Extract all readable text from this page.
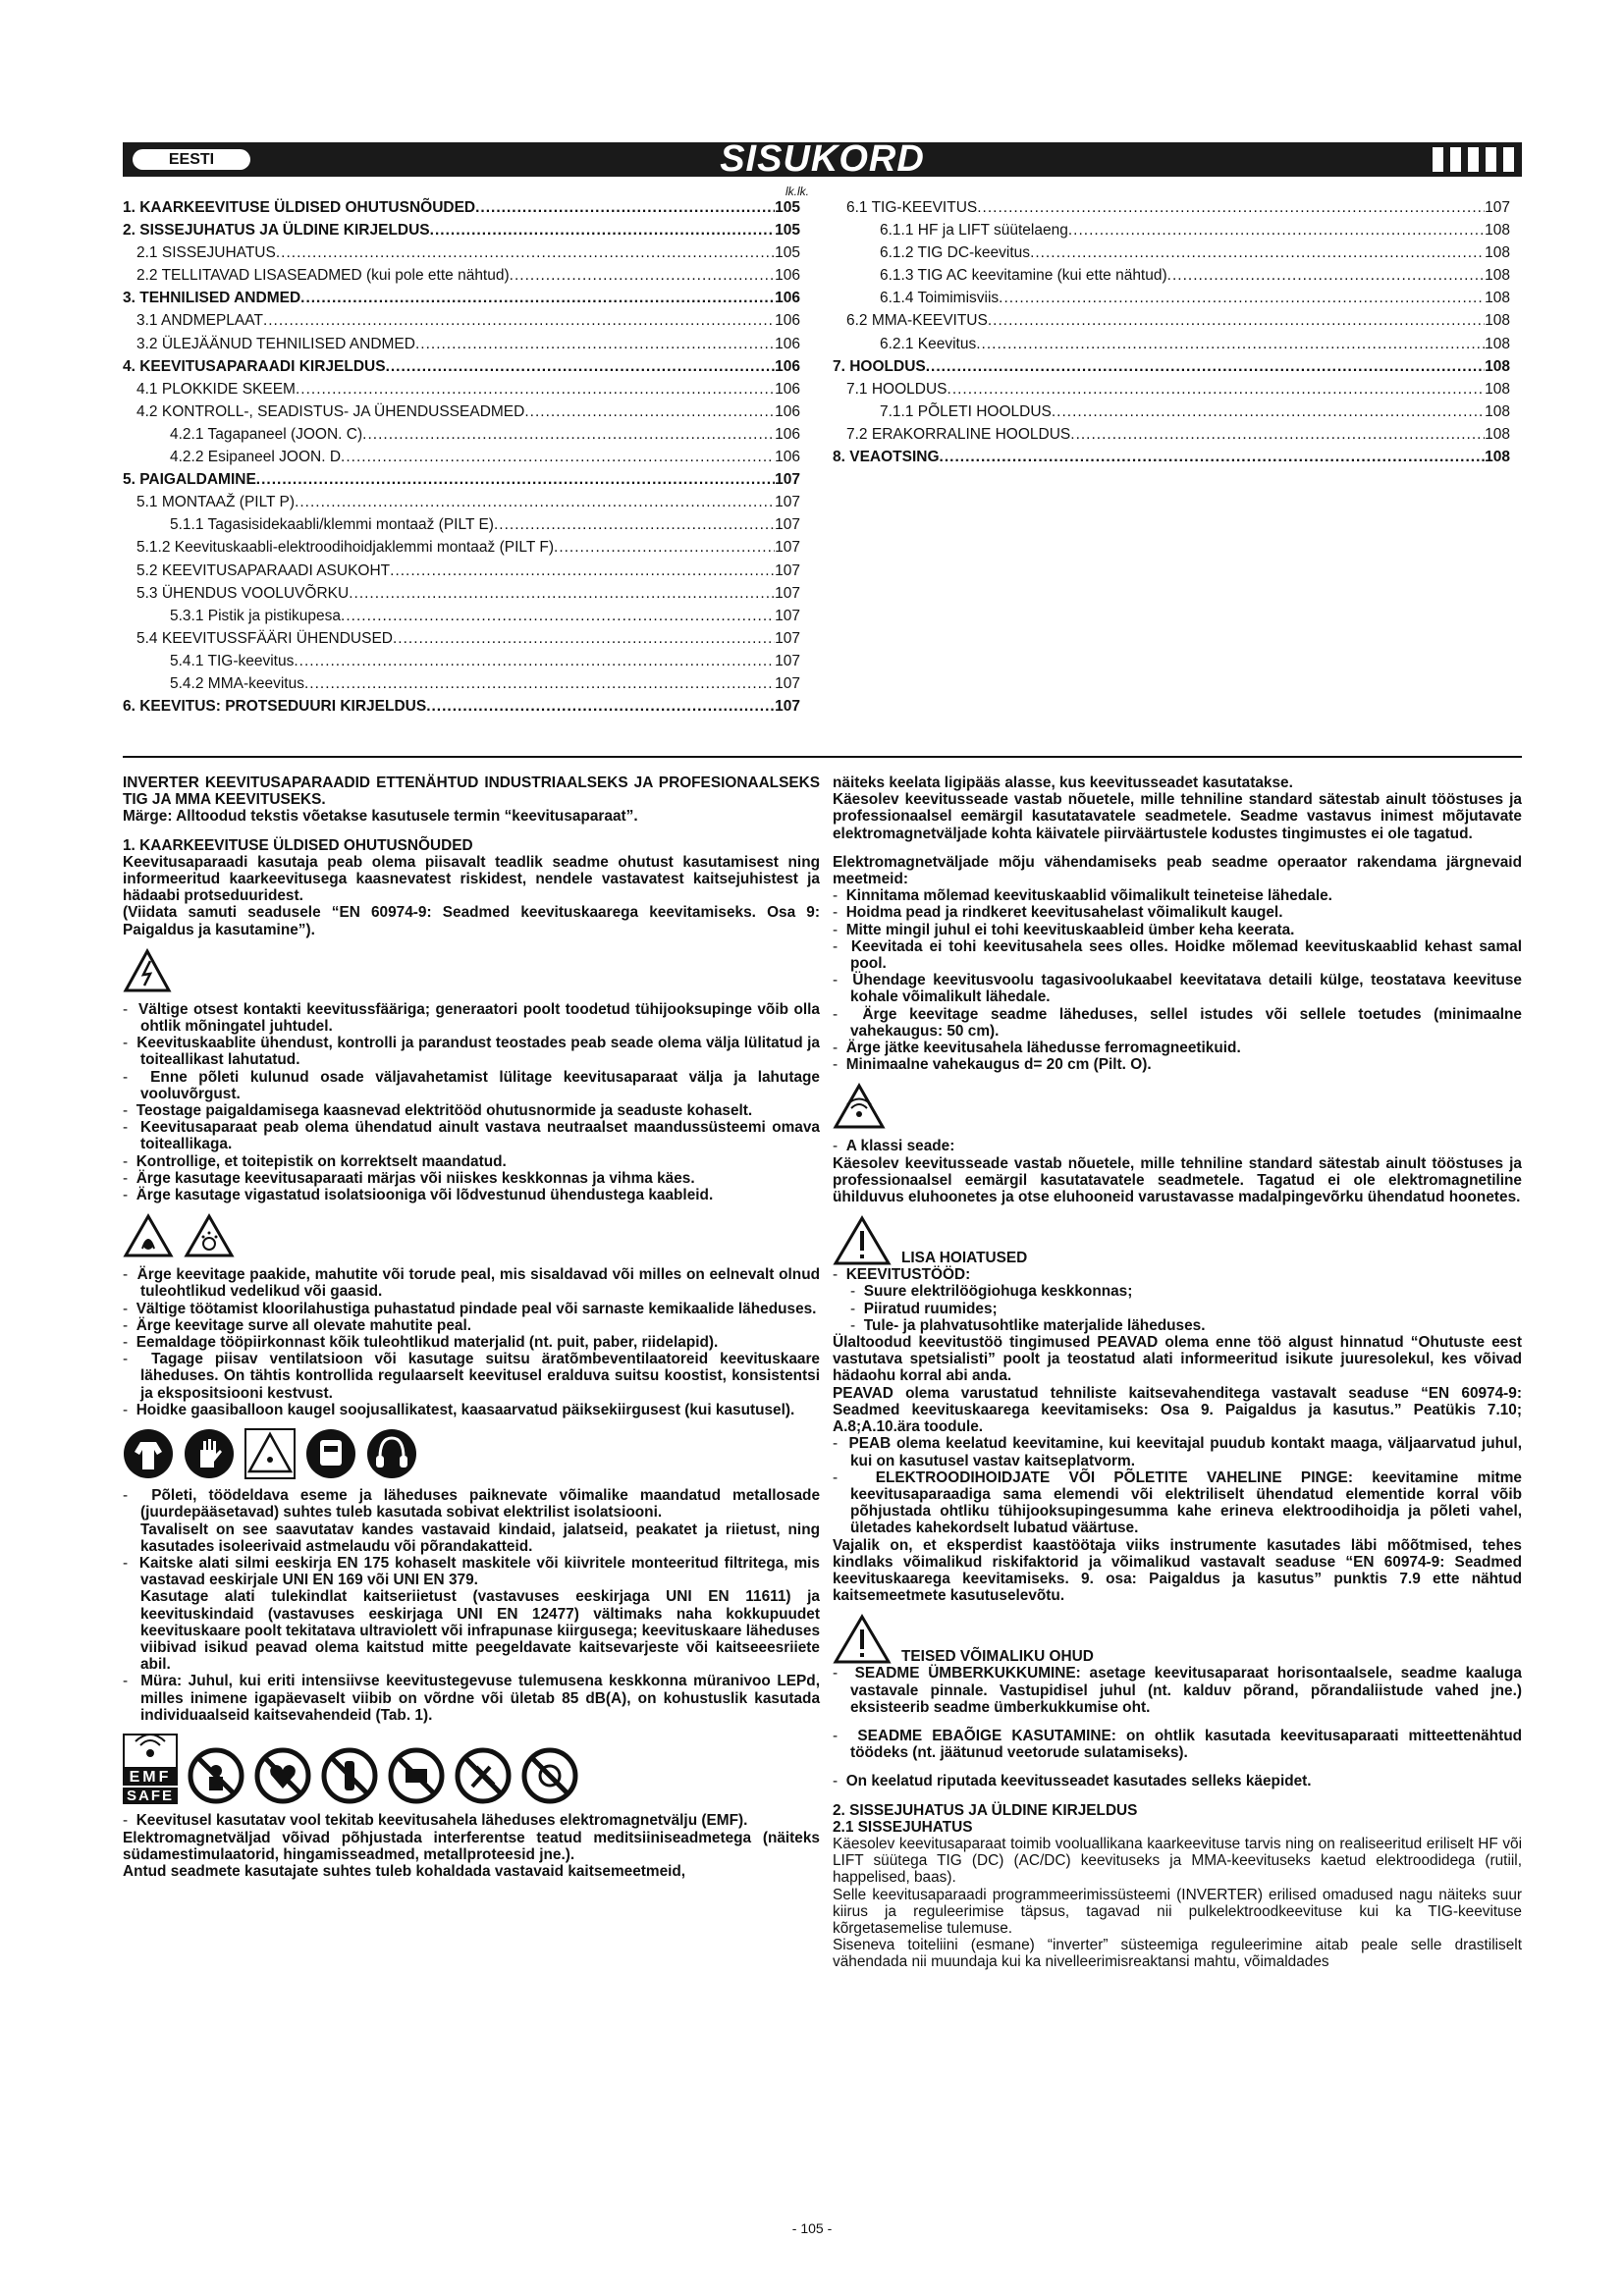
EESTI	SISUKORD
lk.lk.
1. KAARKEEVITUSE ÜLDISED OHUTUSNÕUDED .....	105
2. SISSEJUHATUS JA ÜLDINE KIRJELDUS .....	105
2.1 SISSEJUHATUS .....	105
2.2 TELLITAVAD LISASEADMED (kui pole ette nähtud) .....	106
3. TEHNILISED ANDMED .....	106
3.1 ANDMEPLAAT .....	106
3.2 ÜLEJÄÄNUD TEHNILISED ANDMED .....	106
4. KEEVITUSAPARAADI KIRJELDUS .....	106
4.1 PLOKKIDE SKEEM .....	106
4.2 KONTROLL-, SEADISTUS- JA ÜHENDUSSEADMED .....	106
4.2.1 Tagapaneel (JOON. C) .....	106
4.2.2 Esipaneel JOON. D .....	106
5. PAIGALDAMINE .....	107
5.1 MONTAAŽ (PILT P) .....	107
5.1.1 Tagasisidekaabli/klemmi montaaž (PILT E) .....	107
5.1.2 Keevituskaabli-elektroodihoidjaklemmi montaaž (PILT F) .....	107
5.2 KEEVITUSAPARAADI ASUKOHT .....	107
5.3 ÜHENDUS VOOLUVÕRKU .....	107
5.3.1 Pistik ja pistikupesa .....	107
5.4 KEEVITUSSFÄÄRI ÜHENDUSED .....	107
5.4.1 TIG-keevitus .....	107
5.4.2 MMA-keevitus .....	107
6. KEEVITUS: PROTSEDUURI KIRJELDUS .....	107
6.1 TIG-KEEVITUS .....	107
6.1.1 HF ja LIFT süütelaeng .....	108
6.1.2 TIG DC-keevitus .....	108
6.1.3 TIG AC keevitamine (kui ette nähtud) .....	108
6.1.4 Toimimisviis .....	108
6.2 MMA-KEEVITUS .....	108
6.2.1 Keevitus .....	108
7. HOOLDUS .....	108
7.1 HOOLDUS .....	108
7.1.1 PÕLETI HOOLDUS .....	108
7.2 ERAKORRALINE HOOLDUS .....	108
8. VEAOTSING .....	108

INVERTER KEEVITUSAPARAADID ETTENÄHTUD INDUSTRIAALSEKS JA PROFESIONAALSEKS TIG JA MMA KEEVITUSEKS.

Märge: Alltoodud tekstis võetakse kasutusele termin “keevitusaparaat”.

1. KAARKEEVITUSE ÜLDISED OHUTUSNÕUDED

Keevitusaparaadi kasutaja peab olema piisavalt teadlik seadme ohutust kasutamisest ning informeeritud kaarkeevitusega kaasnevatest riskidest, nendele vastavatest kaitsejuhistest ja hädaabi protseduuridest.

(Viidata samuti seadusele “EN 60974-9: Seadmed keevituskaarega keevitamiseks. Osa 9: Paigaldus ja kasutamine”).

-  Vältige otsest kontakti keevitussfääriga; generaatori poolt toodetud tühijooksupinge võib olla ohtlik mõningatel juhtudel.

-  Keevituskaablite ühendust, kontrolli ja parandust teostades peab seade olema välja lülitatud ja toiteallikast lahutatud.

-  Enne põleti kulunud osade väljavahetamist lülitage keevitusaparaat välja ja lahutage vooluvõrgust.

-  Teostage paigaldamisega kaasnevad elektritööd ohutusnormide ja seaduste kohaselt.

-  Keevitusaparaat peab olema ühendatud ainult vastava neutraalset maandussüsteemi omava toiteallikaga.

-  Kontrollige, et toitepistik on korrektselt maandatud.

-  Ärge kasutage keevitusaparaati märjas või niiskes keskkonnas ja vihma käes.

-  Ärge kasutage vigastatud isolatsiooniga või lõdvestunud ühendustega kaableid.

-  Ärge keevitage paakide, mahutite või torude peal, mis sisaldavad või milles on eelnevalt olnud tuleohtlikud vedelikud või gaasid.

-  Vältige töötamist kloorilahustiga puhastatud pindade peal või sarnaste kemikaalide läheduses.

-  Ärge keevitage surve all olevate mahutite peal.

-  Eemaldage tööpiirkonnast kõik tuleohtlikud materjalid (nt. puit, paber, riidelapid).

-  Tagage piisav ventilatsioon või kasutage suitsu äratõmbeventilaatoreid keevituskaare läheduses. On tähtis kontrollida regulaarselt keevitusel eralduva suitsu koostist, konsistentsi ja ekspositsiooni kestvust.

-  Hoidke gaasiballoon kaugel soojusallikatest, kaasaarvatud päiksekiirgusest (kui kasutusel).

-  Põleti, töödeldava eseme ja läheduses paiknevate võimalike maandatud metallosade (juurdepääsetavad) suhtes tuleb kasutada sobivat elektrilist isolatsiooni.

Tavaliselt on see saavutatav kandes vastavaid kindaid, jalatseid, peakatet ja riietust, ning kasutades isoleerivaid astmelaudu või põrandakatteid.

-  Kaitske alati silmi eeskirja EN 175 kohaselt maskitele või kiivritele monteeritud filtritega, mis vastavad eeskirjale UNI EN 169 või UNI EN 379.

Kasutage alati tulekindlat kaitseriietust (vastavuses eeskirjaga UNI EN 11611) ja keevituskindaid (vastavuses eeskirjaga UNI EN 12477) vältimaks naha kokkupuudet keevituskaare poolt tekitatava ultraviolett või infrapunase kiirgusega; keevituskaare läheduses viibivad isikud peavad olema kaitstud mitte peegeldavate kaitsevarjeste või kaitseeesriiete abil.

-  Müra: Juhul, kui eriti intensiivse keevitustegevuse tulemusena keskkonna müranivoo LEPd, milles inimene igapäevaselt viibib on võrdne või ületab 85 dB(A), on kohustuslik kasutada individuaalseid kaitsevahendeid (Tab. 1).

EMF
SAFE

-  Keevitusel kasutatav vool tekitab keevitusahela läheduses elektromagnetvälju (EMF).

Elektromagnetväljad võivad põhjustada interferentse teatud meditsiiniseadmetega (näiteks südamestimulaatorid, hingamisseadmed, metallproteesid jne.).

Antud seadmete kasutajate suhtes tuleb kohaldada vastavaid kaitsemeetmeid,

näiteks keelata ligipääs alasse, kus keevitusseadet kasutatakse.

Käesolev keevitusseade vastab nõuetele, mille tehniline standard sätestab ainult tööstuses ja professionaalsel eemärgil kasutatavatele seadmetele. Seadme vastavus inimest mõjutavate elektromagnetväljade kohta käivatele piirväärtustele kodustes tingimustes ei ole tagatud.

Elektromagnetväljade mõju vähendamiseks peab seadme operaator rakendama järgnevaid meetmeid:

-  Kinnitama mõlemad keevituskaablid võimalikult teineteise lähedale.

-  Hoidma pead ja rindkeret keevitusahelast võimalikult kaugel.

-  Mitte mingil juhul ei tohi keevituskaableid ümber keha keerata.

-  Keevitada ei tohi keevitusahela sees olles. Hoidke mõlemad keevituskaablid kehast samal pool.

-  Ühendage keevitusvoolu tagasivoolukaabel keevitatava detaili külge, teostatava keevituse kohale võimalikult lähedale.

-  Ärge keevitage seadme läheduses, sellel istudes või sellele toetudes (minimaalne vahekaugus: 50 cm).

-  Ärge jätke keevitusahela lähedusse ferromagneetikuid.

-  Minimaalne vahekaugus d= 20 cm (Pilt. O).

-  A klassi seade:

Käesolev keevitusseade vastab nõuetele, mille tehniline standard sätestab ainult tööstuses ja professionaalsel eemärgil kasutatavatele seadmetele. Tagatud ei ole elektromagnetiline ühilduvus eluhoonetes ja otse eluhooneid varustavasse madalpingevõrku ühendatud hoonetes.

LISA HOIATUSED

-  KEEVITUSTÖÖD:

-  Suure elektrilöögiohuga keskkonnas;

-  Piiratud ruumides;

-  Tule- ja plahvatusohtlike materjalide läheduses.

Ülaltoodud keevitustöö tingimused PEAVAD olema enne töö algust hinnatud “Ohutuste eest vastutava spetsialisti” poolt ja teostatud alati informeeritud isikute juuresolekul, kes võivad hädaohu korral abi anda.

PEAVAD olema varustatud tehniliste kaitsevahenditega vastavalt seaduse “EN 60974-9: Seadmed keevituskaarega keevitamiseks: Osa 9. Paigaldus ja kasutus.” Peatükis 7.10; A.8;A.10.ära toodule.

-  PEAB olema keelatud keevitamine, kui keevitajal puudub kontakt maaga, väljaarvatud juhul, kui on kasutusel vastav kaitseplatvorm.

-  ELEKTROODIHOIDJATE VÕI PÕLETITE VAHELINE PINGE: keevitamine mitme keevitusaparaadiga sama elemendi või elektriliselt ühendatud elementide korral võib põhjustada ohtliku tühijooksupingesumma kahe erineva elektroodihoidja ja põleti vahel, ületades kahekordselt lubatud väärtuse.

Vajalik on, et eksperdist kaastöötaja viiks instrumente kasutades läbi mõõtmised, tehes kindlaks võimalikud riskifaktorid ja võimalikud vastavalt seaduse “EN 60974-9: Seadmed keevituskaarega keevitamiseks. 9. osa: Paigaldus ja kasutus” punktis 7.9 ette nähtud kaitsemeetmete kasutuselevõtu.

TEISED VÕIMALIKU OHUD

-  SEADME ÜMBERKUKKUMINE: asetage keevitusaparaat horisontaalsele, seadme kaaluga vastavale pinnale. Vastupidisel juhul (nt. kalduv põrand, põrandaliistude vahed jne.) eksisteerib seadme ümberkukkumise oht.

-  SEADME EBAÕIGE KASUTAMINE: on ohtlik kasutada keevitusaparaati mitteettenähtud töödeks (nt. jäätunud veetorude sulatamiseks).

-  On keelatud riputada keevitusseadet kasutades selleks käepidet.

2. SISSEJUHATUS JA ÜLDINE KIRJELDUS

2.1 SISSEJUHATUS

Käesolev keevitusaparaat toimib vooluallikana kaarkeevituse tarvis ning on realiseeritud eriliselt HF või LIFT süütega TIG (DC) (AC/DC) keevituseks ja MMA-keevituseks kaetud elektroodidega (rutiil, happelised, baas).

Selle keevitusaparaadi programmeerimissüsteemi (INVERTER) erilised omadused nagu näiteks suur kiirus ja reguleerimise täpsus, tagavad nii pulkelektroodkeevituse kui ka TIG-keevituse kõrgetasemelise tulemuse.

Siseneva toiteliini (esmane) “inverter” süsteemiga reguleerimine aitab peale selle drastiliselt vähendada nii muundaja kui ka nivelleerimisreaktansi mahtu, võimaldades

- 105 -
